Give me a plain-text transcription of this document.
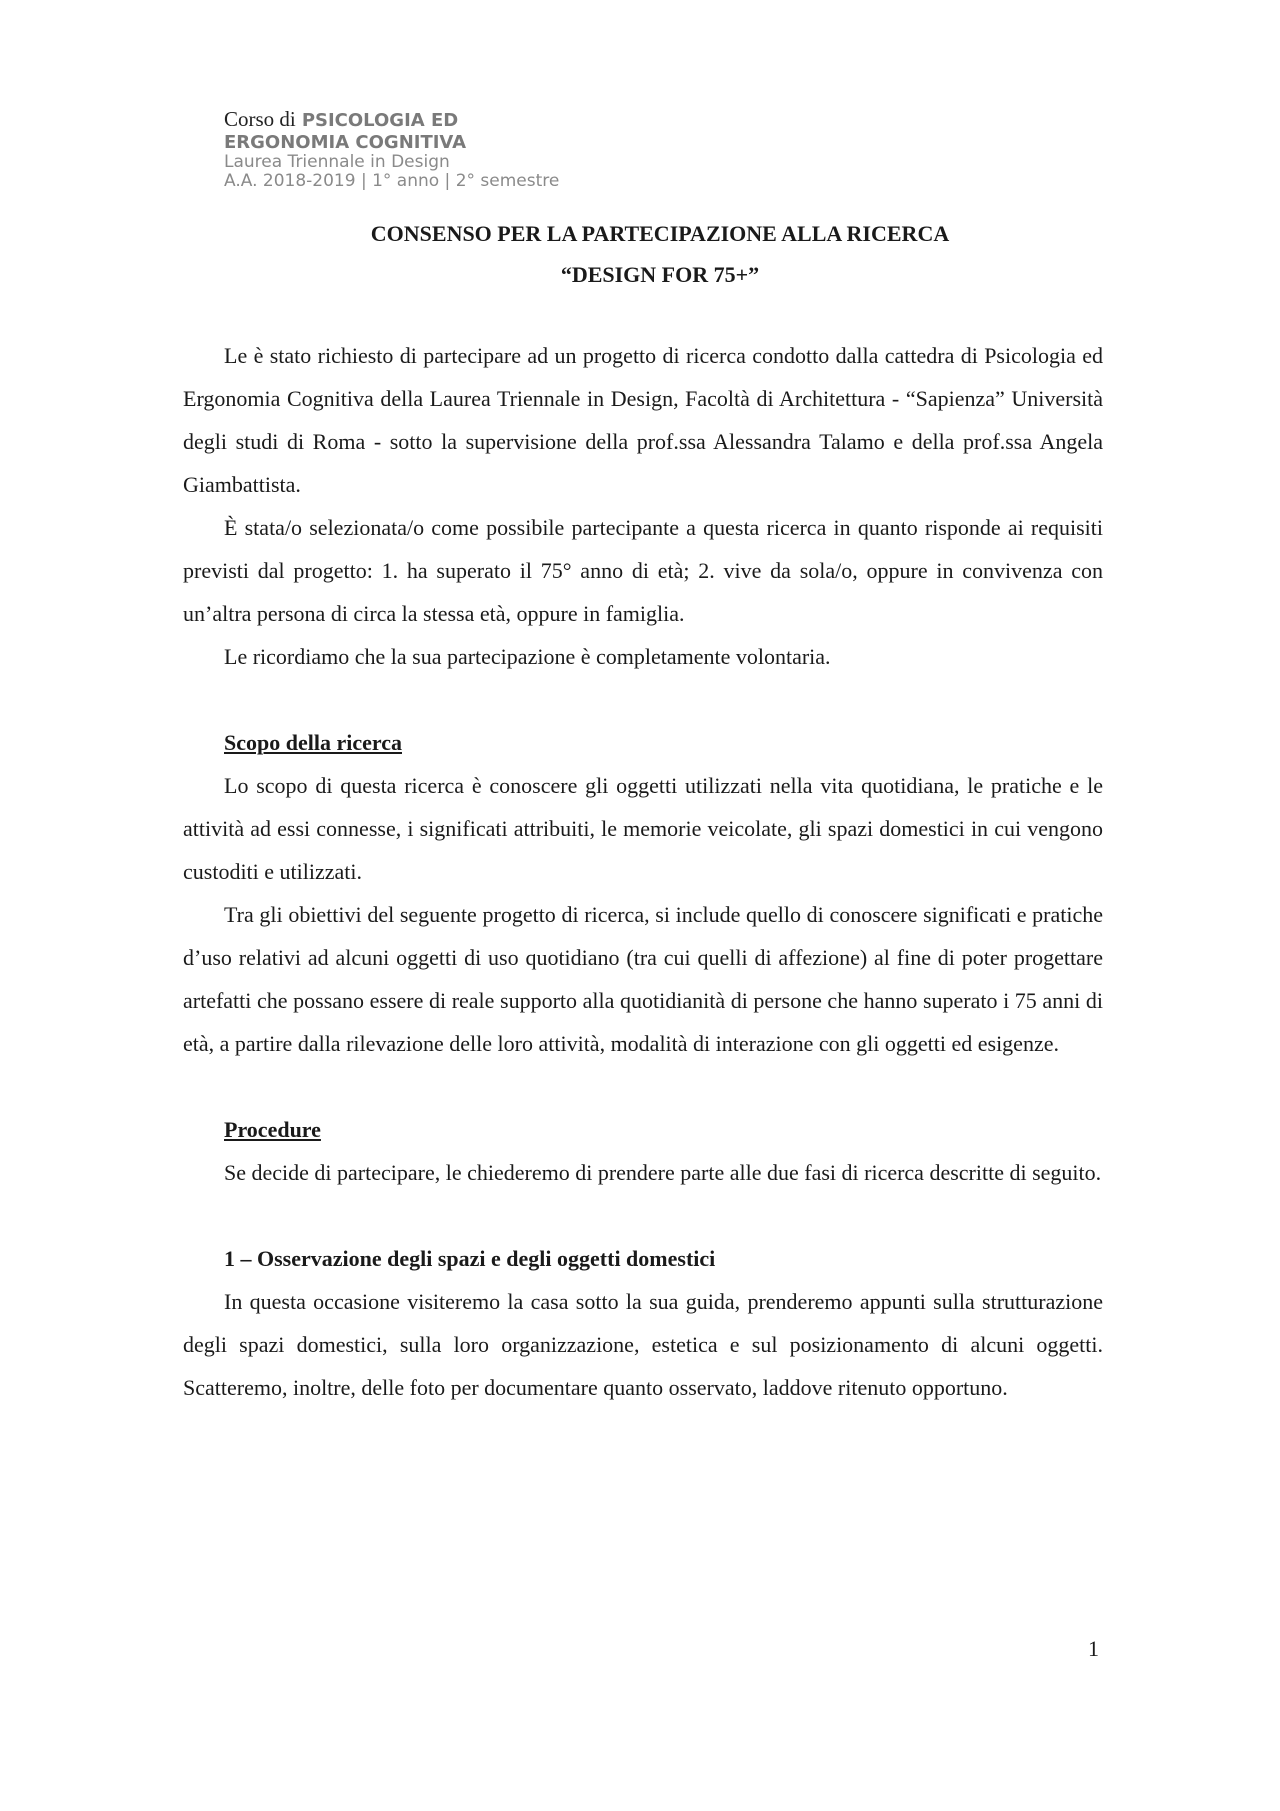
Corso di PSICOLOGIA ED
ERGONOMIA COGNITIVA
Laurea Triennale in Design
A.A. 2018-2019 | 1° anno | 2° semestre
CONSENSO PER LA PARTECIPAZIONE ALLA RICERCA
“DESIGN FOR 75+”

Le è stato richiesto di partecipare ad un progetto di ricerca condotto dalla cattedra di Psicologia ed Ergonomia Cognitiva della Laurea Triennale in Design, Facoltà di Architettura - “Sapienza” Università degli studi di Roma - sotto la supervisione della prof.ssa Alessandra Talamo e della prof.ssa Angela Giambattista.

È stata/o selezionata/o come possibile partecipante a questa ricerca in quanto risponde ai requisiti previsti dal progetto: 1. ha superato il 75° anno di età; 2. vive da sola/o, oppure in convivenza con un’altra persona di circa la stessa età, oppure in famiglia.

Le ricordiamo che la sua partecipazione è completamente volontaria.

Scopo della ricerca

Lo scopo di questa ricerca è conoscere gli oggetti utilizzati nella vita quotidiana, le pratiche e le attività ad essi connesse, i significati attribuiti, le memorie veicolate, gli spazi domestici in cui vengono custoditi e utilizzati.

Tra gli obiettivi del seguente progetto di ricerca, si include quello di conoscere significati e pratiche d’uso relativi ad alcuni oggetti di uso quotidiano (tra cui quelli di affezione) al fine di poter progettare artefatti che possano essere di reale supporto alla quotidianità di persone che hanno superato i 75 anni di età, a partire dalla rilevazione delle loro attività, modalità di interazione con gli oggetti ed esigenze.

Procedure

Se decide di partecipare, le chiederemo di prendere parte alle due fasi di ricerca descritte di seguito.

1 – Osservazione degli spazi e degli oggetti domestici

In questa occasione visiteremo la casa sotto la sua guida, prenderemo appunti sulla strutturazione degli spazi domestici, sulla loro organizzazione, estetica e sul posizionamento di alcuni oggetti. Scatteremo, inoltre, delle foto per documentare quanto osservato, laddove ritenuto opportuno.

1
